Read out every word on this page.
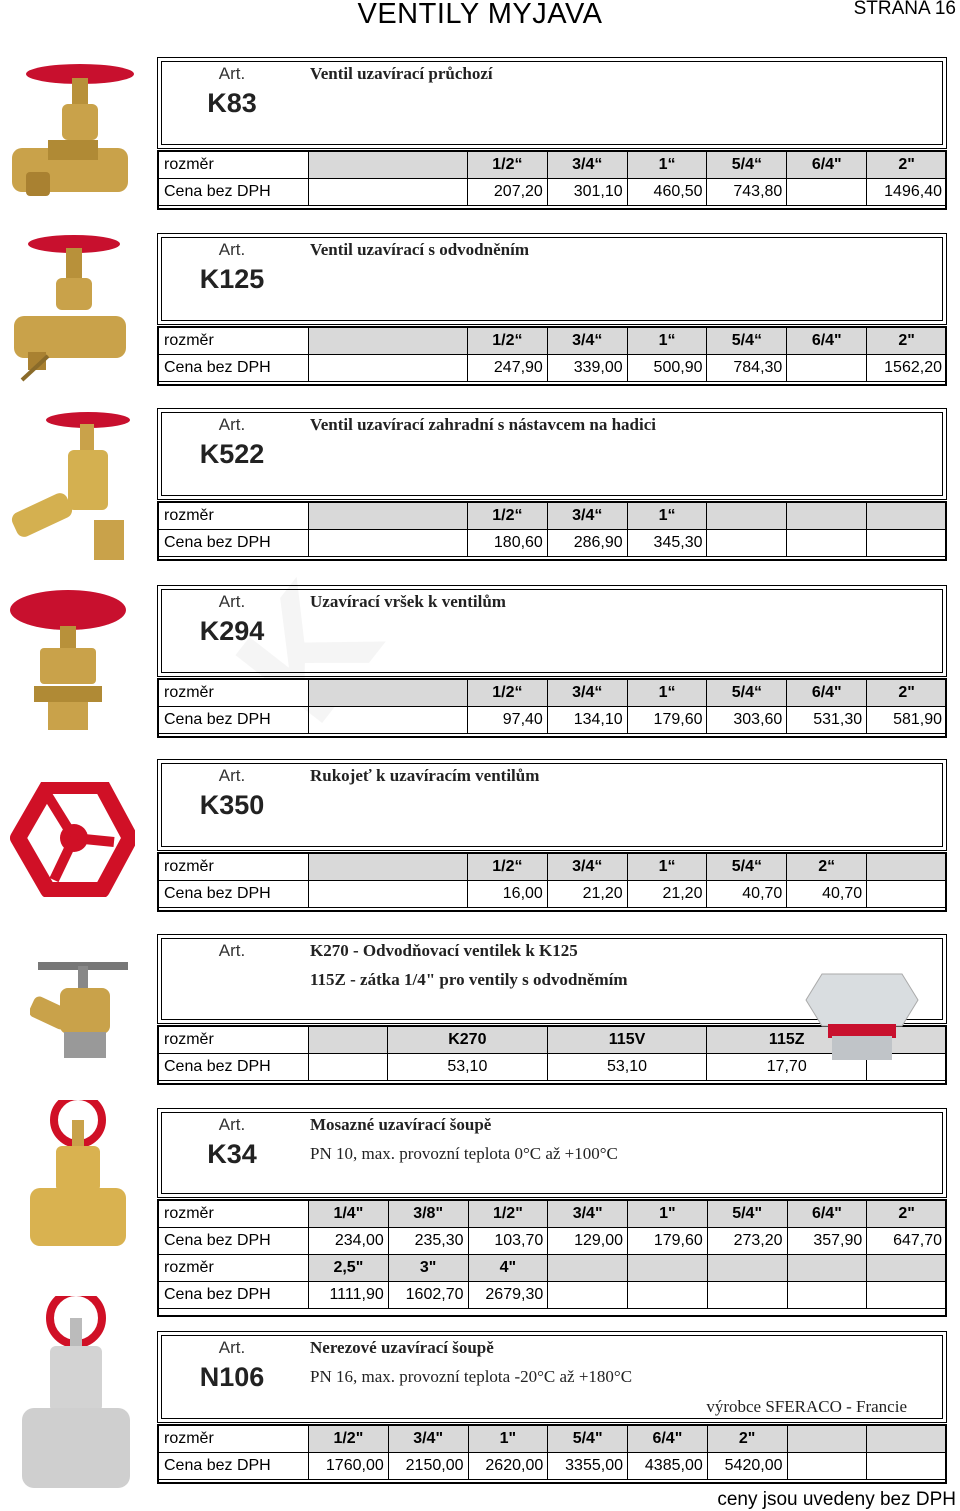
VENTILY MYJAVA	STRANA 16
Art.
K83
Ventil uzavírací průchozí
rozměr		1/2“	3/4“	1“	5/4“	6/4"	2"
Cena bez DPH		207,20	301,10	460,50	743,80		1496,40
Art.
K125
Ventil uzavírací s odvodněním
rozměr		1/2“	3/4“	1“	5/4“	6/4"	2"
Cena bez DPH		247,90	339,00	500,90	784,30		1562,20
Art.
K522
Ventil uzavírací zahradní s nástavcem na hadici
rozměr		1/2“	3/4“	1“			
Cena bez DPH		180,60	286,90	345,30			
Art.
K294
Uzavírací vršek k ventilům
rozměr		1/2“	3/4“	1“	5/4“	6/4"	2"
Cena bez DPH		97,40	134,10	179,60	303,60	531,30	581,90
Art.
K350
Rukojeť k uzavíracím ventilům
rozměr		1/2“	3/4“	1“	5/4“	2“	
Cena bez DPH		16,00	21,20	21,20	40,70	40,70	
Art.	K270 - Odvodňovací ventilek k K125
115Z - zátka 1/4" pro ventily s odvodněmím
rozměr		K270	115V	115Z	
Cena bez DPH		53,10	53,10	17,70	
Art.
K34
Mosazné uzavírací šoupě
PN 10, max. provozní teplota 0°C až +100°C
rozměr	1/4"	3/8"	1/2"	3/4"	1"	5/4"	6/4"	2"
Cena bez DPH	234,00	235,30	103,70	129,00	179,60	273,20	357,90	647,70
rozměr	2,5"	3"	4"					
Cena bez DPH	1111,90	1602,70	2679,30					
Art.
N106
Nerezové uzavírací šoupě
PN 16, max. provozní teplota -20°C až +180°C
výrobce SFERACO - Francie
rozměr	1/2"	3/4"	1"	5/4"	6/4"	2"		
Cena bez DPH	1760,00	2150,00	2620,00	3355,00	4385,00	5420,00		
ceny jsou uvedeny bez DPH
